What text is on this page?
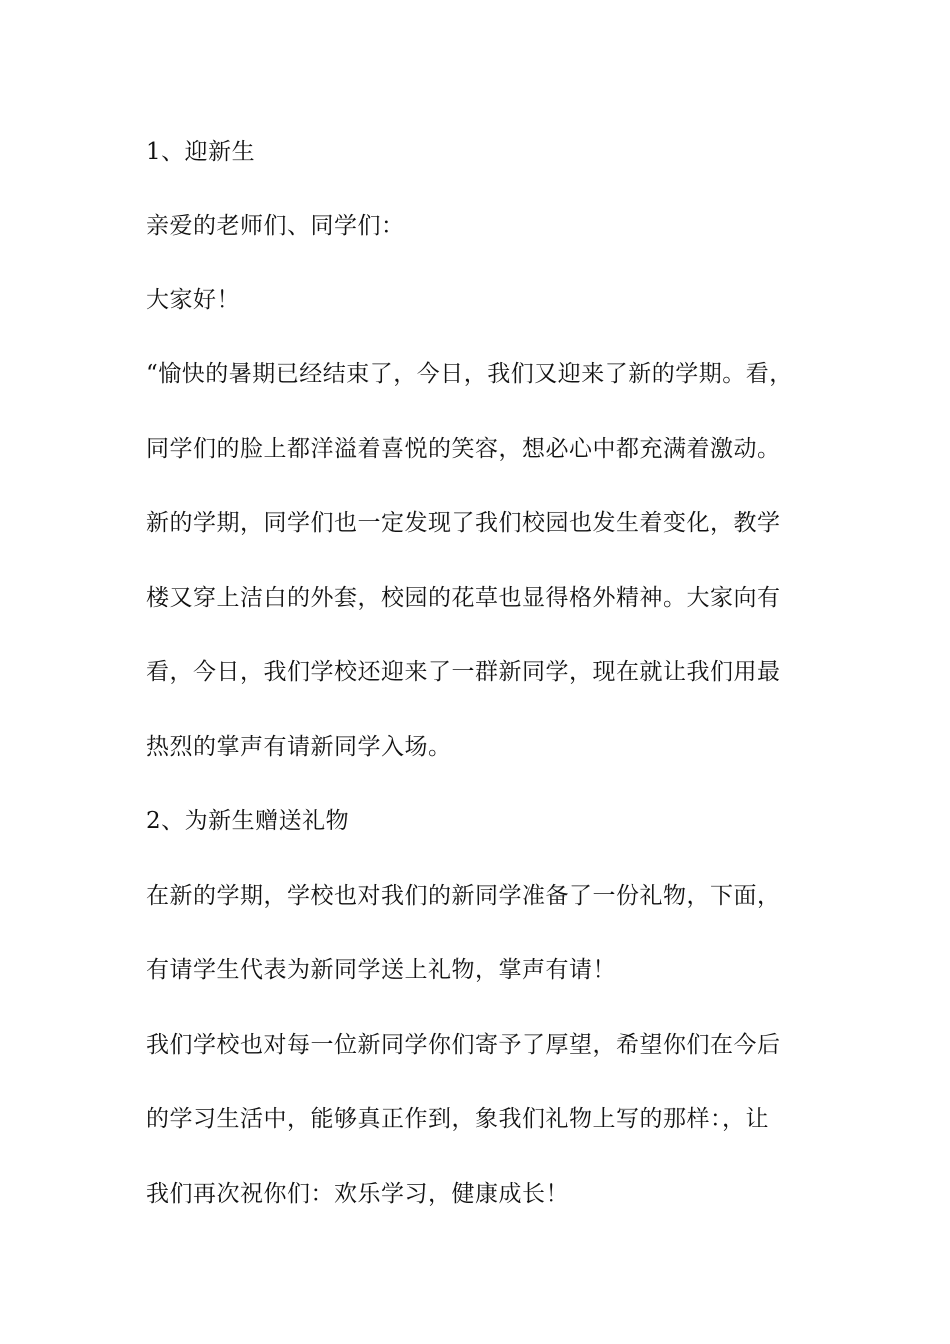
1、迎新生
亲爱的老师们、同学们：
大家好！
“愉快的暑期已经结束了，今日，我们又迎来了新的学期。看，
同学们的脸上都洋溢着喜悦的笑容，想必心中都充满着激动。
新的学期，同学们也一定发现了我们校园也发生着变化，教学
楼又穿上洁白的外套，校园的花草也显得格外精神。大家向有
看，今日，我们学校还迎来了一群新同学，现在就让我们用最
热烈的掌声有请新同学入场。
2、为新生赠送礼物
在新的学期，学校也对我们的新同学准备了一份礼物，下面，
有请学生代表为新同学送上礼物，掌声有请！
我们学校也对每一位新同学你们寄予了厚望，希望你们在今后
的学习生活中，能够真正作到，象我们礼物上写的那样：，让
我们再次祝你们：欢乐学习，健康成长！
